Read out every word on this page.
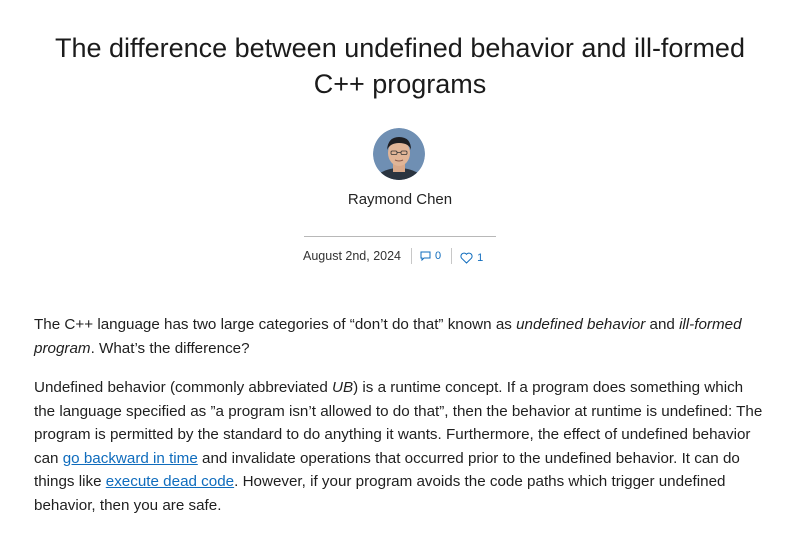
The difference between undefined behavior and ill-formed C++ programs
Raymond Chen
August 2nd, 2024	0	1

The C++ language has two large categories of “don’t do that” known as undefined behavior and ill-formed program. What’s the difference?

Undefined behavior (commonly abbreviated UB) is a runtime concept. If a program does something which the language specified as ”a program isn’t allowed to do that”, then the behavior at runtime is undefined: The program is permitted by the standard to do anything it wants. Furthermore, the effect of undefined behavior can go backward in time and invalidate operations that occurred prior to the undefined behavior. It can do things like execute dead code. However, if your program avoids the code paths which trigger undefined behavior, then you are safe.
